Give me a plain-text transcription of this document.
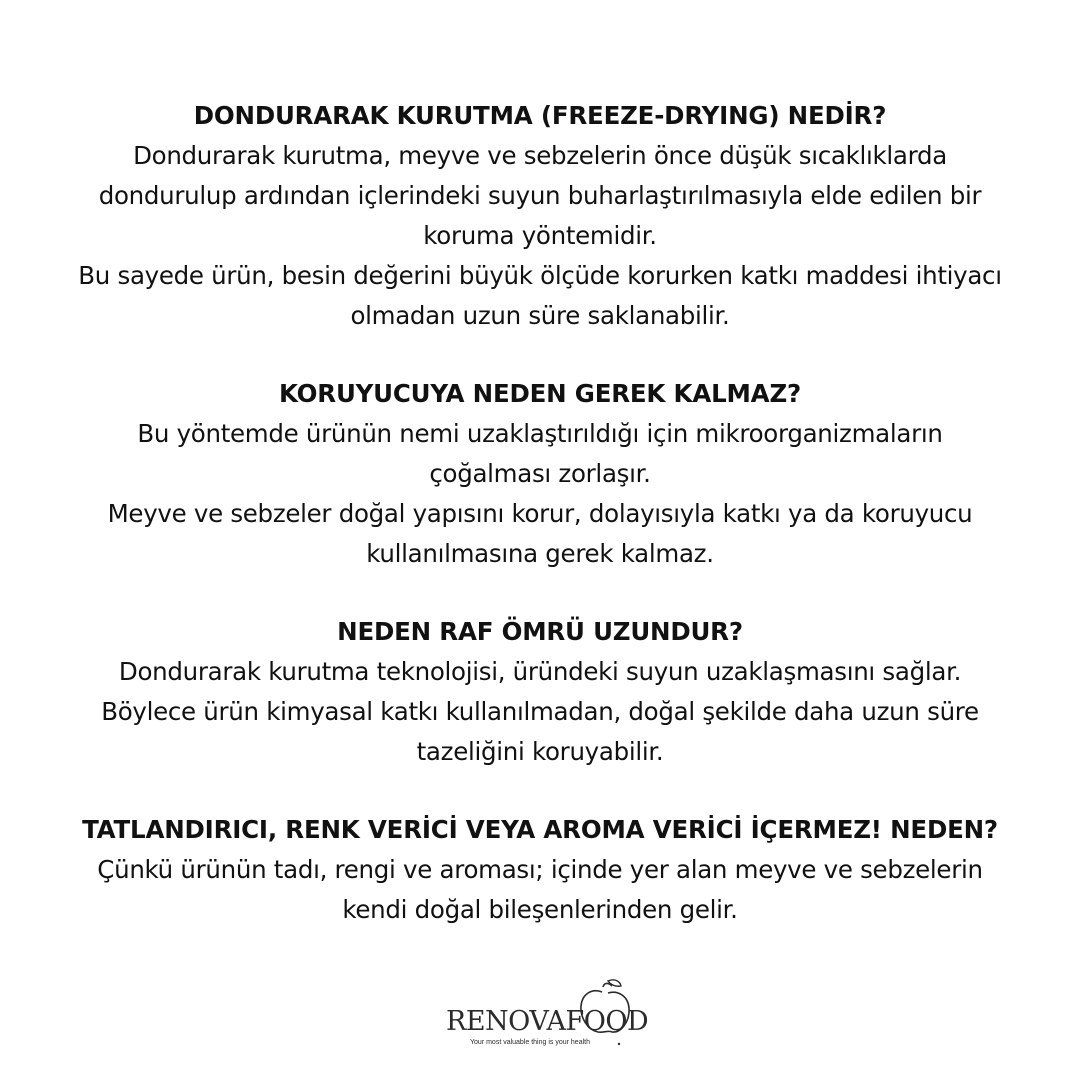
DONDURARAK KURUTMA (FREEZE-DRYING) NEDİR?

Dondurarak kurutma, meyve ve sebzelerin önce düşük sıcaklıklarda

dondurulup ardından içlerindeki suyun buharlaştırılmasıyla elde edilen bir

koruma yöntemidir.

Bu sayede ürün, besin değerini büyük ölçüde korurken katkı maddesi ihtiyacı

olmadan uzun süre saklanabilir.

KORUYUCUYA NEDEN GEREK KALMAZ?

Bu yöntemde ürünün nemi uzaklaştırıldığı için mikroorganizmaların

çoğalması zorlaşır.

Meyve ve sebzeler doğal yapısını korur, dolayısıyla katkı ya da koruyucu

kullanılmasına gerek kalmaz.

NEDEN RAF ÖMRÜ UZUNDUR?

Dondurarak kurutma teknolojisi, üründeki suyun uzaklaşmasını sağlar.

Böylece ürün kimyasal katkı kullanılmadan, doğal şekilde daha uzun süre

tazeliğini koruyabilir.

TATLANDIRICI, RENK VERİCİ VEYA AROMA VERİCİ İÇERMEZ! NEDEN?

Çünkü ürünün tadı, rengi ve aroması; içinde yer alan meyve ve sebzelerin

kendi doğal bileşenlerinden gelir.

RENOVAFOOD
Your most valuable thing is your health
